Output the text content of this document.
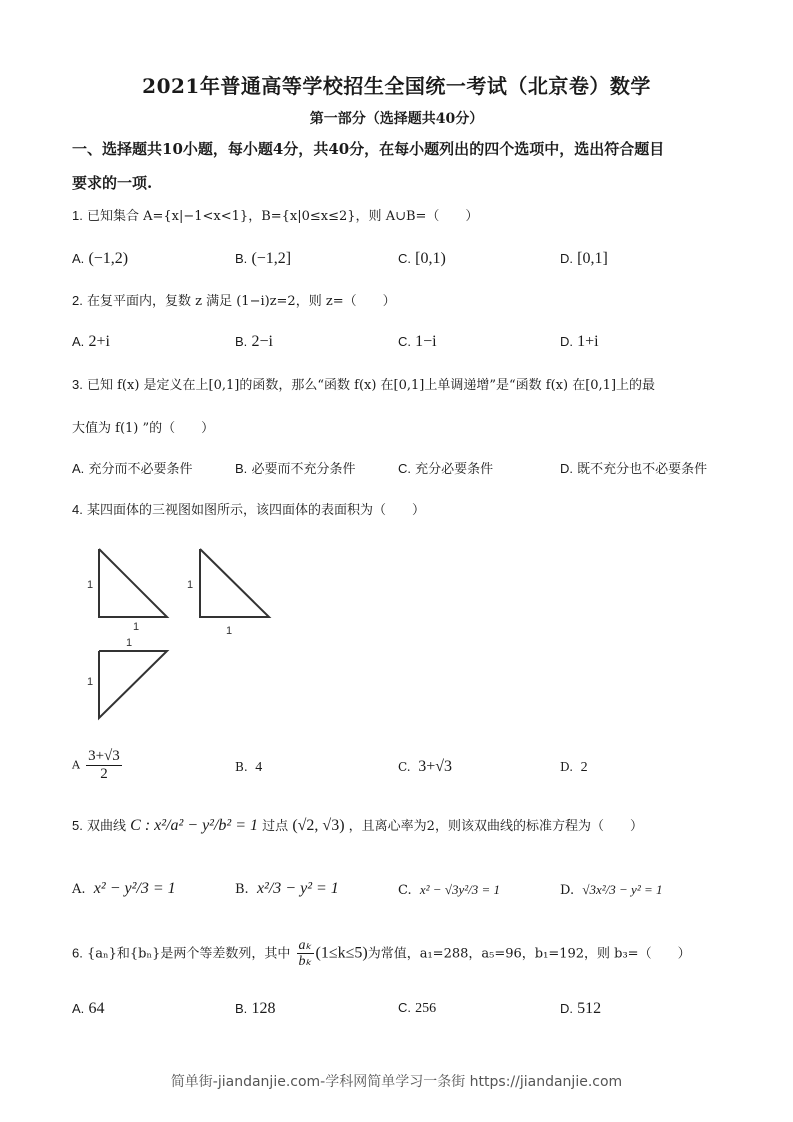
2021年普通高等学校招生全国统一考试（北京卷）数学
第一部分（选择题共40分）
一、选择题共10小题，每小题4分，共40分，在每小题列出的四个选项中，选出符合题目
要求的一项.
1. 已知集合 A={x|−1<x<1}，B={x|0≤x≤2}，则 A∪B=（　　）
A. (−1,2)	B. (−1,2]	C. [0,1)	D. [0,1]
2. 在复平面内，复数 z 满足 (1−i)z=2，则 z=（　　）
A. 2+i	B. 2−i	C. 1−i	D. 1+i
3. 已知 f(x) 是定义在上[0,1]的函数，那么“函数 f(x) 在[0,1]上单调递增”是“函数 f(x) 在[0,1]上的最
大值为 f(1) ”的（　　）
A. 充分而不必要条件	B. 必要而不充分条件	C. 充分必要条件	D. 既不充分也不必要条件
4. 某四面体的三视图如图所示，该四面体的表面积为（　　）
1
1
1
1
1
1
A $\frac{3+√3}{2}$	B. 4	C. 3+√3	D. 2
5. 双曲线 C : x²/a² − y²/b² = 1 过点 (√2, √3) ，且离心率为2，则该双曲线的标准方程为（　　）
A. x² − y²/3 = 1	B. x²/3 − y² = 1	C. x² − √3y²/3 = 1	D. √3x²/3 − y² = 1
6. {aₙ}和{bₙ}是两个等差数列，其中 $\frac{\text{aₖ}}{\text{bₖ}} (1\le k\le 5)$为常值，a₁=288，a₅=96，b₁=192，则 b₃=（　　）
A. 64	B. 128	C. 256	D. 512
简单街-jiandanjie.com-学科网简单学习一条街 https://jiandanjie.com
